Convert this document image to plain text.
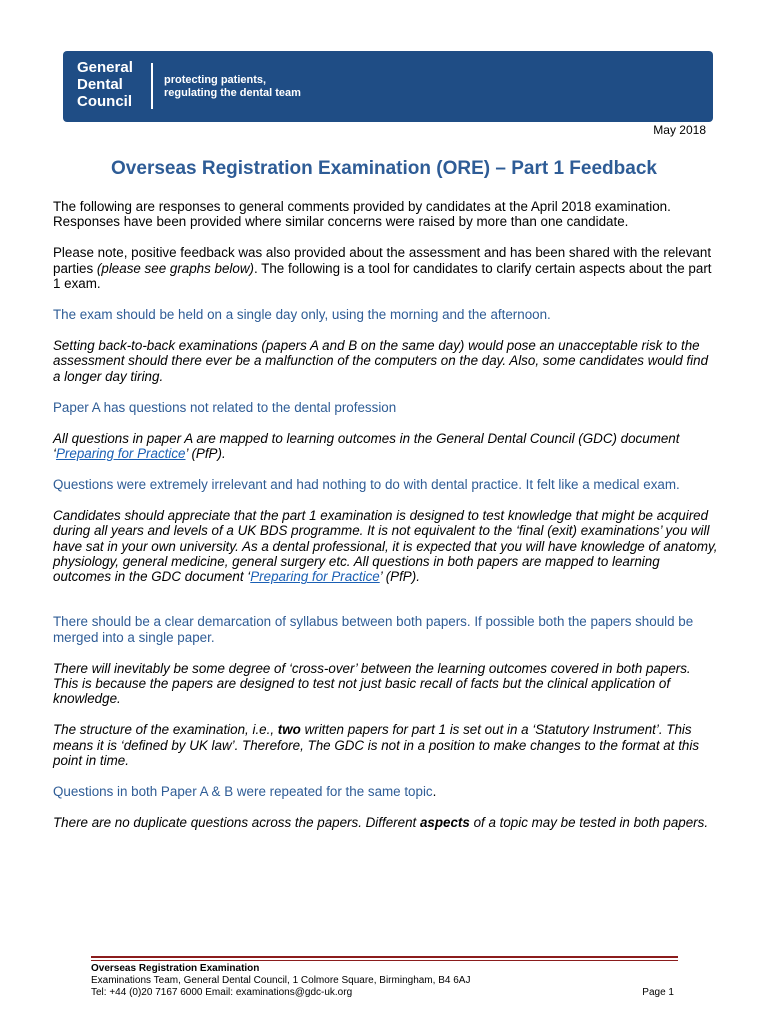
General
Dental
Council
protecting patients,
regulating the dental team
May 2018
Overseas Registration Examination (ORE) – Part 1 Feedback

The following are responses to general comments provided by candidates at the April 2018 examination. Responses have been provided where similar concerns were raised by more than one candidate.

Please note, positive feedback was also provided about the assessment and has been shared with the relevant parties (please see graphs below). The following is a tool for candidates to clarify certain aspects about the part 1 exam.

The exam should be held on a single day only, using the morning and the afternoon.

Setting back-to-back examinations (papers A and B on the same day) would pose an unacceptable risk to the assessment should there ever be a malfunction of the computers on the day. Also, some candidates would find a longer day tiring.

Paper A has questions not related to the dental profession

All questions in paper A are mapped to learning outcomes in the General Dental Council (GDC) document ‘Preparing for Practice’ (PfP).

Questions were extremely irrelevant and had nothing to do with dental practice. It felt like a medical exam.

Candidates should appreciate that the part 1 examination is designed to test knowledge that might be acquired during all years and levels of a UK BDS programme. It is not equivalent to the ‘final (exit) examinations’ you will have sat in your own university. As a dental professional, it is expected that you will have knowledge of anatomy, physiology, general medicine, general surgery etc. All questions in both papers are mapped to learning outcomes in the GDC document ‘Preparing for Practice’ (PfP).

There should be a clear demarcation of syllabus between both papers. If possible both the papers should be merged into a single paper.

There will inevitably be some degree of ‘cross-over’ between the learning outcomes covered in both papers. This is because the papers are designed to test not just basic recall of facts but the clinical application of knowledge.

The structure of the examination, i.e., two written papers for part 1 is set out in a ‘Statutory Instrument’. This means it is ‘defined by UK law’. Therefore, The GDC is not in a position to make changes to the format at this point in time.

Questions in both Paper A & B were repeated for the same topic.

There are no duplicate questions across the papers. Different aspects of a topic may be tested in both papers.

Overseas Registration Examination
Examinations Team, General Dental Council, 1 Colmore Square, Birmingham, B4 6AJ
Tel: +44 (0)20 7167 6000 Email: examinations@gdc-uk.org	Page 1
